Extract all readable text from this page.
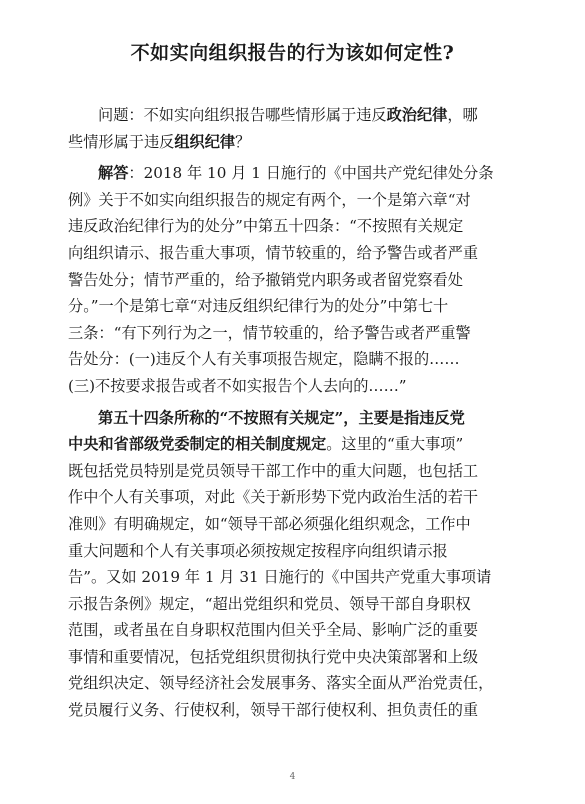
不如实向组织报告的行为该如何定性?
问题：不如实向组织报告哪些情形属于违反政治纪律，哪
些情形属于违反组织纪律？
解答：2018 年 10 月 1 日施行的《中国共产党纪律处分条
例》关于不如实向组织报告的规定有两个，一个是第六章“对
违反政治纪律行为的处分”中第五十四条：“不按照有关规定
向组织请示、报告重大事项，情节较重的，给予警告或者严重
警告处分；情节严重的，给予撤销党内职务或者留党察看处
分。”一个是第七章“对违反组织纪律行为的处分”中第七十
三条：“有下列行为之一，情节较重的，给予警告或者严重警
告处分：(一)违反个人有关事项报告规定，隐瞒不报的……
(三)不按要求报告或者不如实报告个人去向的……”
第五十四条所称的“不按照有关规定”，主要是指违反党
中央和省部级党委制定的相关制度规定。这里的“重大事项”
既包括党员特别是党员领导干部工作中的重大问题，也包括工
作中个人有关事项，对此《关于新形势下党内政治生活的若干
准则》有明确规定，如“领导干部必须强化组织观念，工作中
重大问题和个人有关事项必须按规定按程序向组织请示报
告”。又如 2019 年 1 月 31 日施行的《中国共产党重大事项请
示报告条例》规定，“超出党组织和党员、领导干部自身职权
范围，或者虽在自身职权范围内但关乎全局、影响广泛的重要
事情和重要情况，包括党组织贯彻执行党中央决策部署和上级
党组织决定、领导经济社会发展事务、落实全面从严治党责任，
党员履行义务、行使权利，领导干部行使权利、担负责任的重
4
